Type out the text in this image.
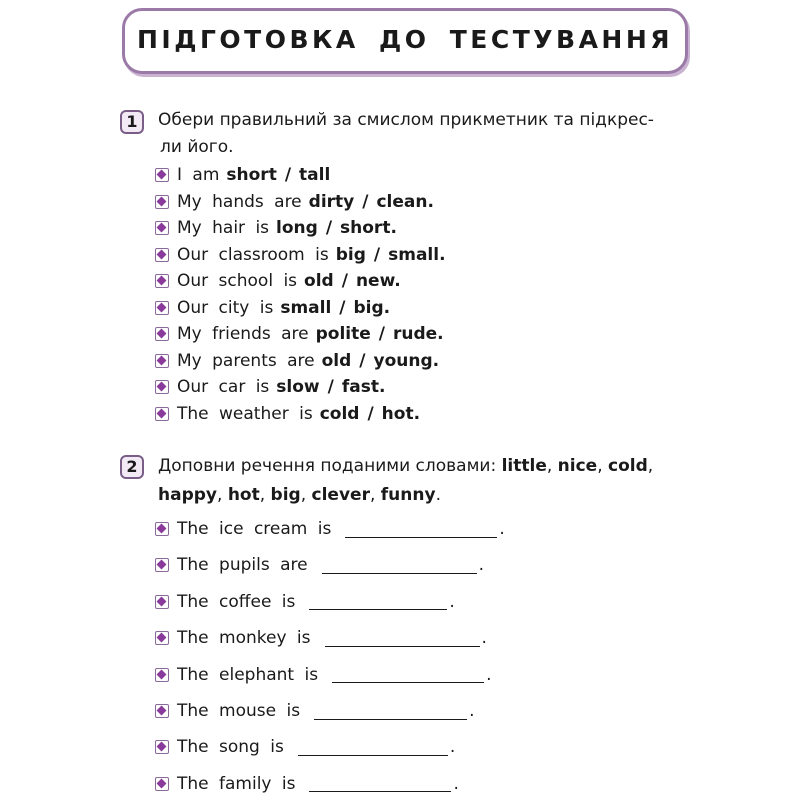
ПІДГОТОВКА ДО ТЕСТУВАННЯ
1	Обери правильний за смислом прикметник та підкрес-
ли його.
I am short / tall
My hands are dirty / clean.
My hair is long / short.
Our classroom is big / small.
Our school is old / new.
Our city is small / big.
My friends are polite / rude.
My parents are old / young.
Our car is slow / fast.
The weather is cold / hot.
2	Доповни речення поданими словами: little, nice, cold, happy, hot, big, clever, funny.
The ice cream is	.
The pupils are	.
The coffee is	.
The monkey is	.
The elephant is	.
The mouse is	.
The song is	.
The family is	.
